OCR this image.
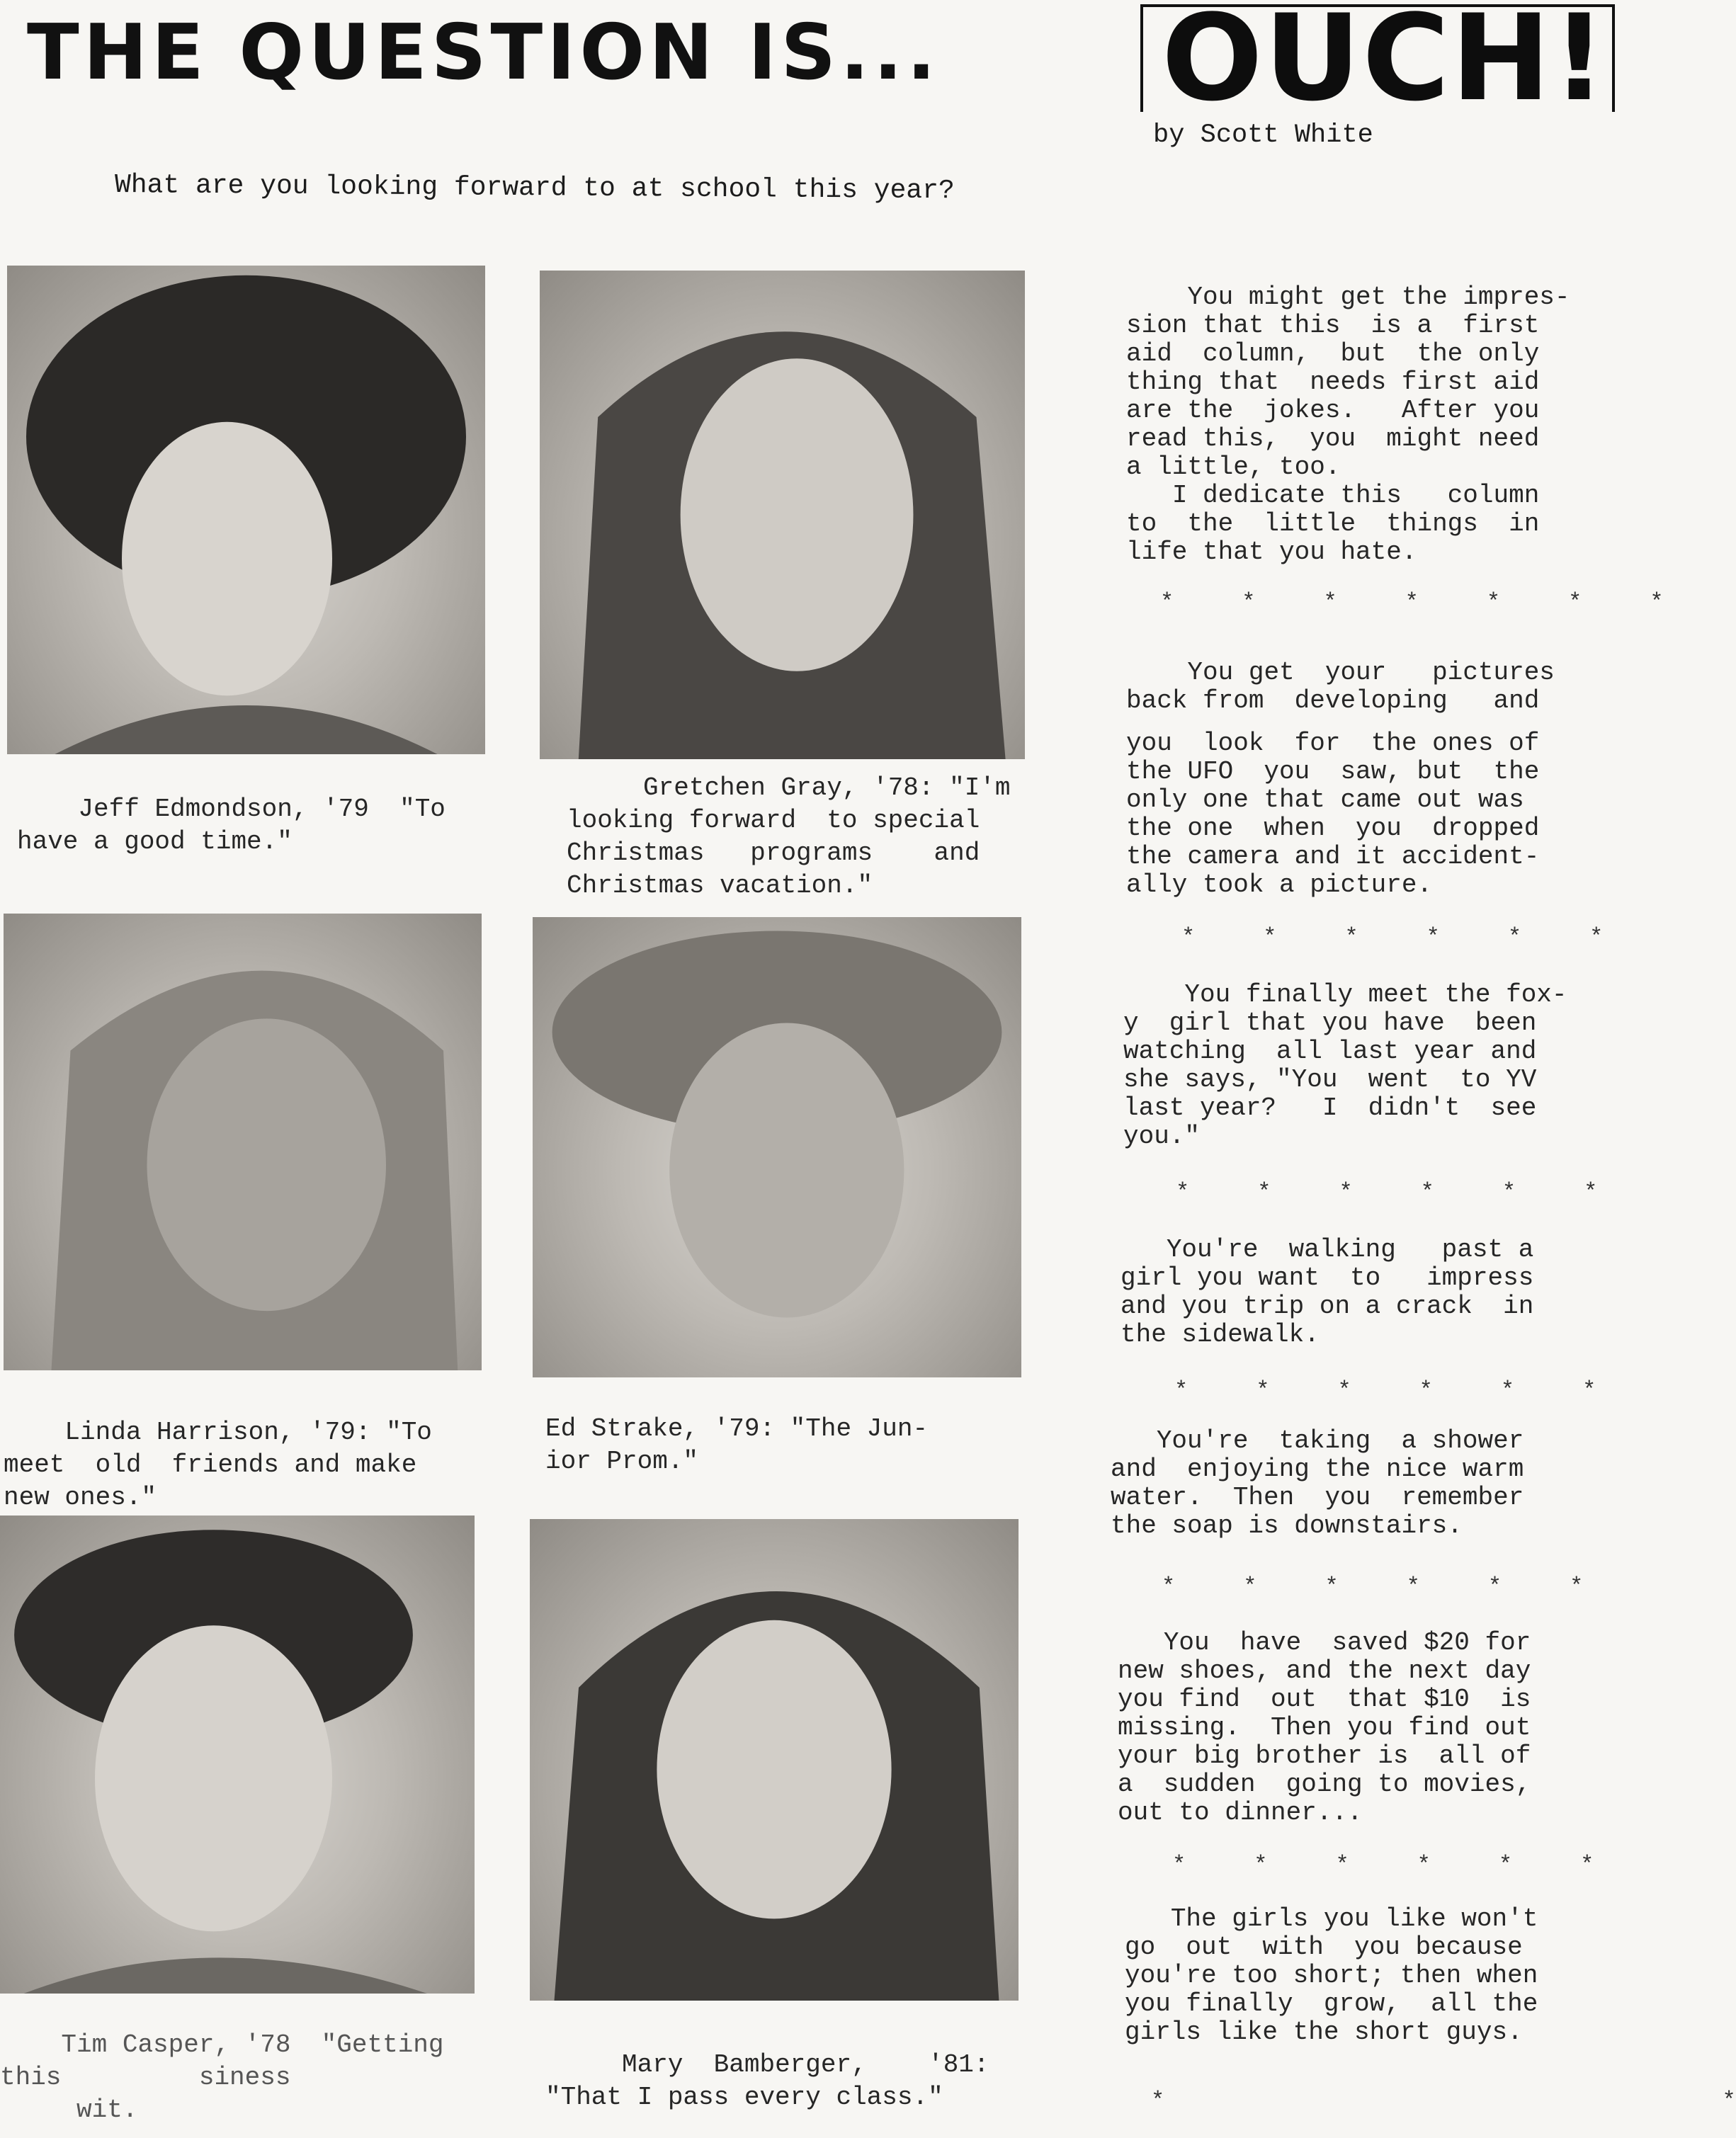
THE QUESTION IS... OUCH!
by Scott White
What are you looking forward to at school this year?
Jeff Edmondson, '79  "To
have a good time."
Gretchen Gray, '78: "I'm
looking forward  to special
Christmas   programs    and
Christmas vacation."
Linda Harrison, '79: "To
meet  old  friends and make
new ones."
Ed Strake, '79: "The Jun-
ior Prom."
Tim Casper, '78  "Getting
this         siness
wit.
Mary  Bamberger,    '81:
"That I pass every class."
You might get the impres-
sion that this  is a  first
aid  column,  but  the only
thing that  needs first aid
are the  jokes.   After you
read this,  you  might need
a little, too.
I dedicate this   column
to  the  little  things  in
life that you hate.
*     *     *     *     *     *     *
You get  your   pictures
back from  developing   and
you  look  for  the ones of
the UFO  you  saw, but  the
only one that came out was
the one  when  you  dropped
the camera and it accident-
ally took a picture.
*     *     *     *     *     *
You finally meet the fox-
y  girl that you have  been
watching  all last year and
she says, "You  went  to YV
last year?   I  didn't  see
you."
*     *     *     *     *     *
You're  walking   past a
girl you want  to   impress
and you trip on a crack  in
the sidewalk.
*     *     *     *     *     *
You're  taking  a shower
and  enjoying the nice warm
water.  Then  you  remember
the soap is downstairs.
*     *     *     *     *     *
You  have  saved $20 for
new shoes, and the next day
you find  out  that $10  is
missing.  Then you find out
your big brother is  all of
a  sudden  going to movies,
out to dinner...
*     *     *     *     *     *
The girls you like won't
go  out  with  you because
you're too short; then when
you finally  grow,  all the
girls like the short guys.
*                                         *
